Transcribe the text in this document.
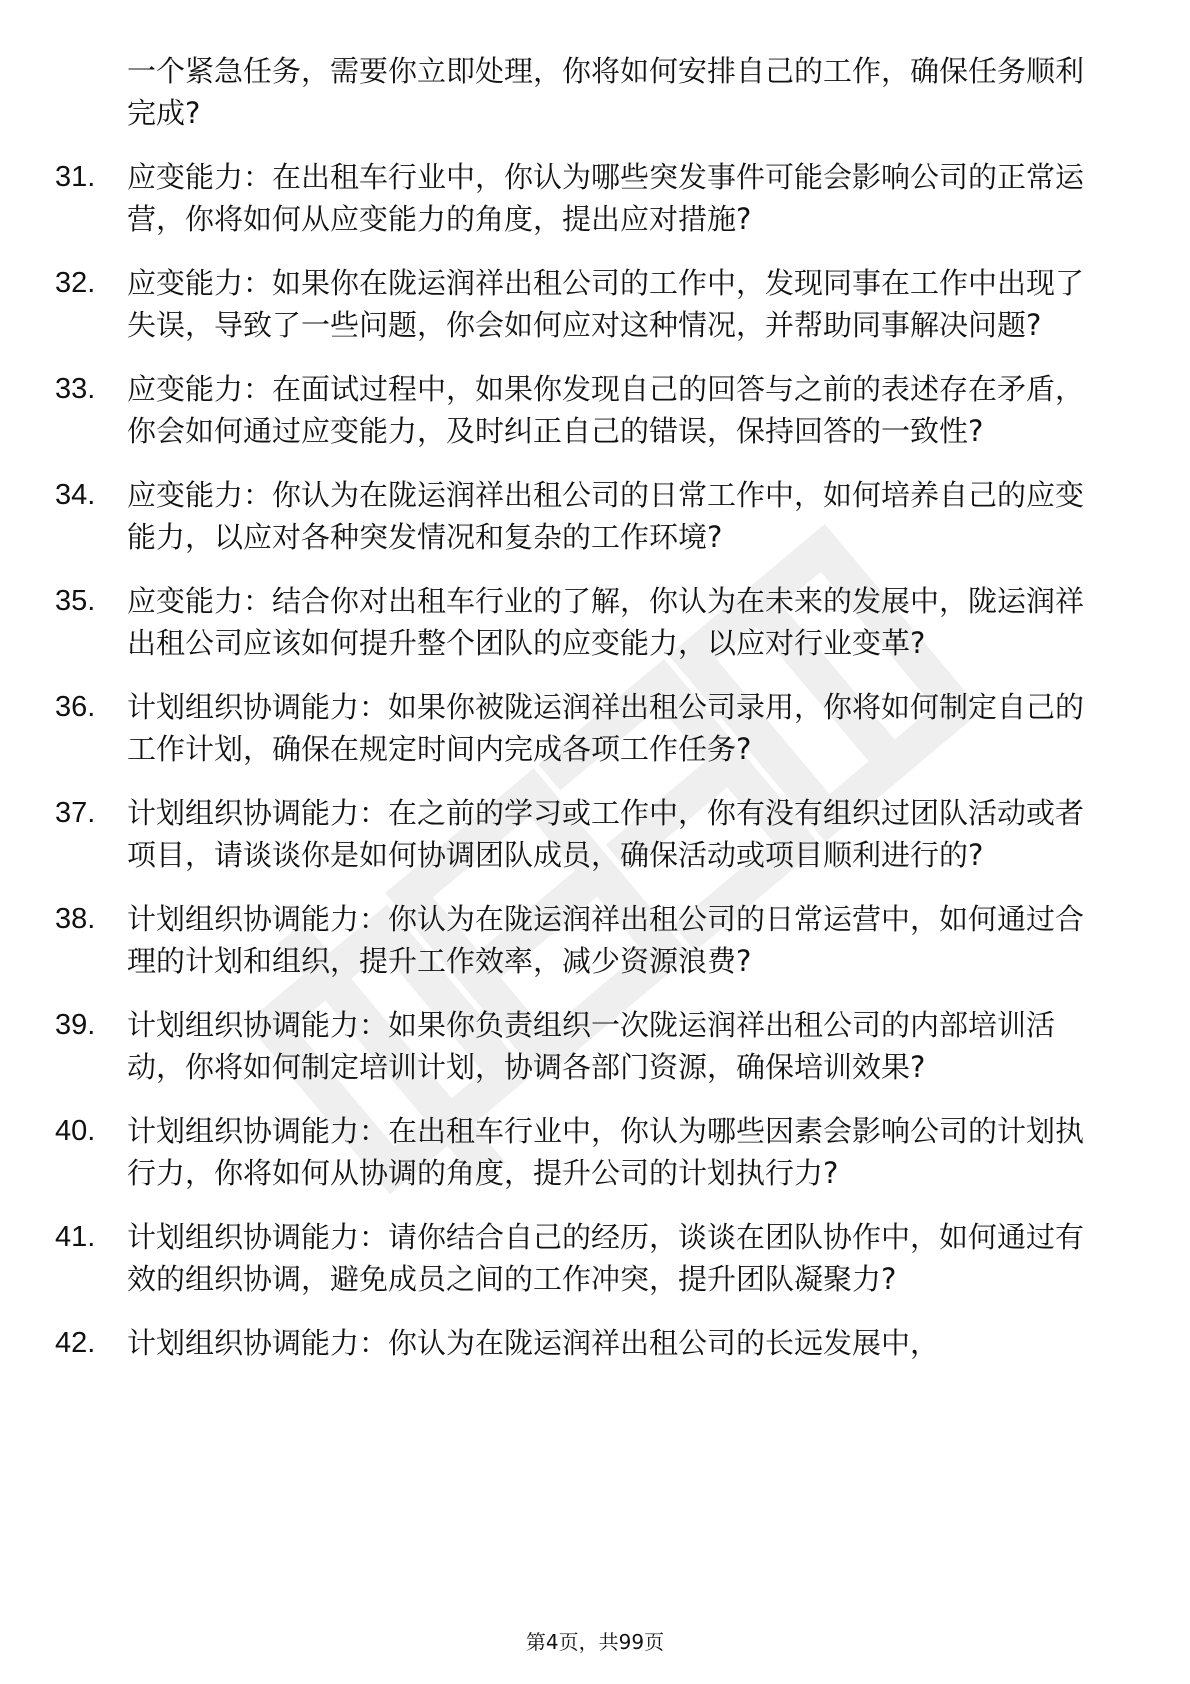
一个紧急任务，需要你立即处理，你将如何安排自己的工作，确保任务顺利完成?
31.	应变能力：在出租车行业中，你认为哪些突发事件可能会影响公司的正常运营，你将如何从应变能力的角度，提出应对措施?
32.	应变能力：如果你在陇运润祥出租公司的工作中，发现同事在工作中出现了失误，导致了一些问题，你会如何应对这种情况，并帮助同事解决问题?
33.	应变能力：在面试过程中，如果你发现自己的回答与之前的表述存在矛盾，你会如何通过应变能力，及时纠正自己的错误，保持回答的一致性?
34.	应变能力：你认为在陇运润祥出租公司的日常工作中，如何培养自己的应变能力，以应对各种突发情况和复杂的工作环境?
35.	应变能力：结合你对出租车行业的了解，你认为在未来的发展中，陇运润祥出租公司应该如何提升整个团队的应变能力，以应对行业变革?
36.	计划组织协调能力：如果你被陇运润祥出租公司录用，你将如何制定自己的工作计划，确保在规定时间内完成各项工作任务?
37.	计划组织协调能力：在之前的学习或工作中，你有没有组织过团队活动或者项目，请谈谈你是如何协调团队成员，确保活动或项目顺利进行的?
38.	计划组织协调能力：你认为在陇运润祥出租公司的日常运营中，如何通过合理的计划和组织，提升工作效率，减少资源浪费?
39.	计划组织协调能力：如果你负责组织一次陇运润祥出租公司的内部培训活动，你将如何制定培训计划，协调各部门资源，确保培训效果?
40.	计划组织协调能力：在出租车行业中，你认为哪些因素会影响公司的计划执行力，你将如何从协调的角度，提升公司的计划执行力?
41.	计划组织协调能力：请你结合自己的经历，谈谈在团队协作中，如何通过有效的组织协调，避免成员之间的工作冲突，提升团队凝聚力?
42.	计划组织协调能力：你认为在陇运润祥出租公司的长远发展中，
第4页，共99页
